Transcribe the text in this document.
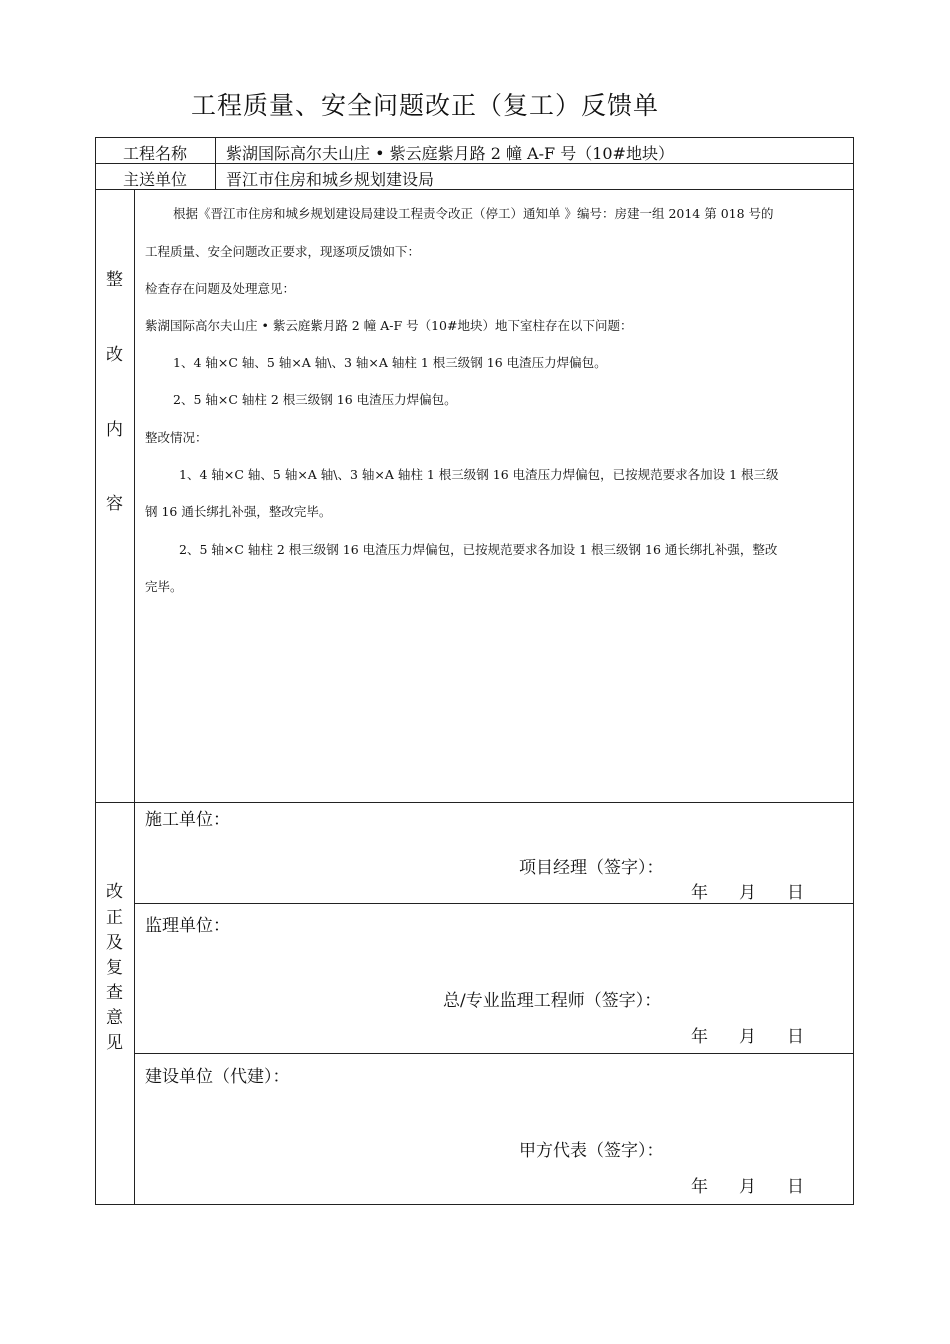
工程质量、安全问题改正（复工）反馈单
工程名称	紫湖国际高尔夫山庄 • 紫云庭紫月路 2 幢 A-F 号（10#地块）
主送单位	晋江市住房和城乡规划建设局
整
改
内
容
根据《晋江市住房和城乡规划建设局建设工程责令改正（停工）通知单 》编号：房建一组 2014 第 018 号的
工程质量、安全问题改正要求，现逐项反馈如下：
检查存在问题及处理意见：
紫湖国际高尔夫山庄 • 紫云庭紫月路 2 幢 A-F 号（10#地块）地下室柱存在以下问题：
1、4 轴×C 轴、5 轴×A 轴\、3 轴×A 轴柱 1 根三级钢 16 电渣压力焊偏包。
2、5 轴×C 轴柱 2 根三级钢 16 电渣压力焊偏包。
整改情况：
1、4 轴×C 轴、5 轴×A 轴\、3 轴×A 轴柱 1 根三级钢 16 电渣压力焊偏包，已按规范要求各加设 1 根三级
钢 16 通长绑扎补强，整改完毕。
2、5 轴×C 轴柱 2 根三级钢 16 电渣压力焊偏包，已按规范要求各加设 1 根三级钢 16 通长绑扎补强，整改
完毕。
改
正
及
复
查
意
见
施工单位：
项目经理（签字）：
年 月 日
监理单位：
总/专业监理工程师（签字）：
年 月 日
建设单位（代建）：
甲方代表（签字）：
年 月 日
